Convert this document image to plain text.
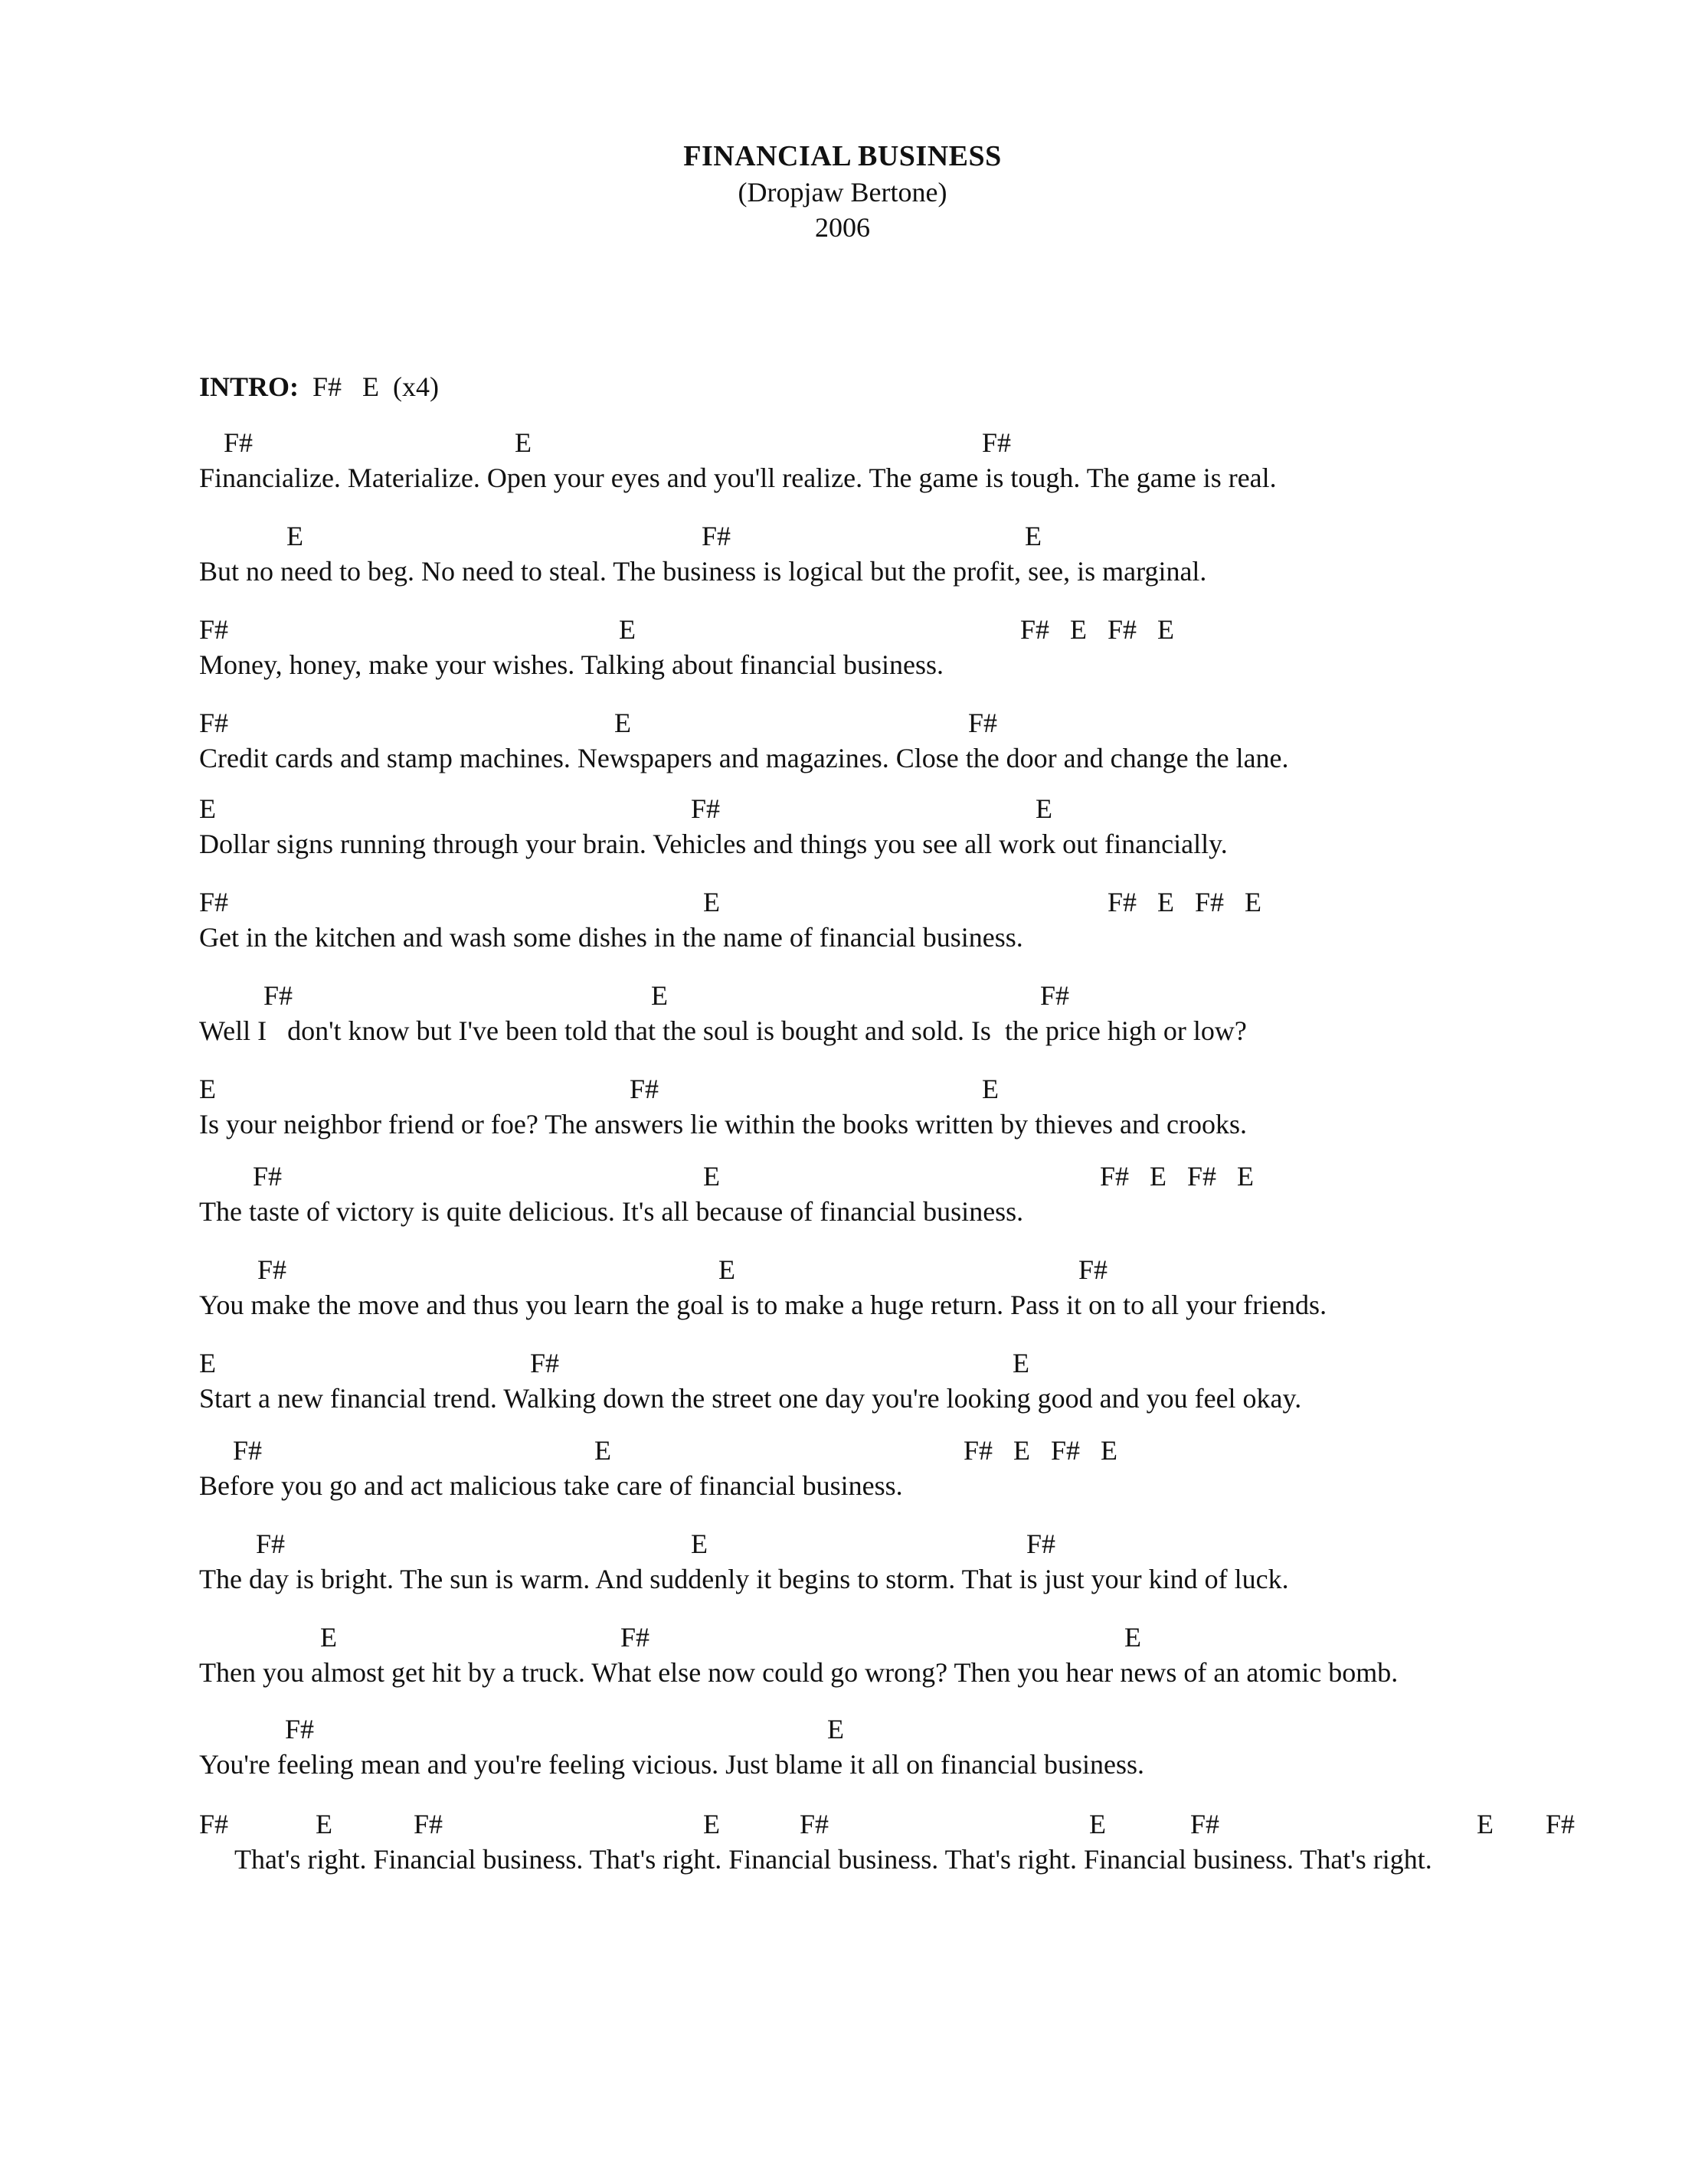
FINANCIAL BUSINESS
(Dropjaw Bertone)
2006
INTRO: F#   E  (x4)
F#	E	F#
Financialize. Materialize. Open your eyes and you'll realize. The game is tough. The game is real.
E	F#	E
But no need to beg. No need to steal. The business is logical but the profit, see, is marginal.
F#	E	F#   E   F#   E
Money, honey, make your wishes. Talking about financial business.
F#	E	F#
Credit cards and stamp machines. Newspapers and magazines. Close the door and change the lane.
E	F#	E
Dollar signs running through your brain. Vehicles and things you see all work out financially.
F#	E	F#   E   F#   E
Get in the kitchen and wash some dishes in the name of financial business.
F#	E	F#
Well I   don't know but I've been told that the soul is bought and sold. Is  the price high or low?
E	F#	E
Is your neighbor friend or foe? The answers lie within the books written by thieves and crooks.
F#	E	F#   E   F#   E
The taste of victory is quite delicious. It's all because of financial business.
F#	E	F#
You make the move and thus you learn the goal is to make a huge return. Pass it on to all your friends.
E	F#	E
Start a new financial trend. Walking down the street one day you're looking good and you feel okay.
F#	E	F#   E   F#   E
Before you go and act malicious take care of financial business.
F#	E	F#
The day is bright. The sun is warm. And suddenly it begins to storm. That is just your kind of luck.
E	F#	E
Then you almost get hit by a truck. What else now could go wrong? Then you hear news of an atomic bomb.
F#	E
You're feeling mean and you're feeling vicious. Just blame it all on financial business.
F#	E	F#	E	F#	E	F#	E F#
That's right. Financial business. That's right. Financial business. That's right. Financial business. That's right.
